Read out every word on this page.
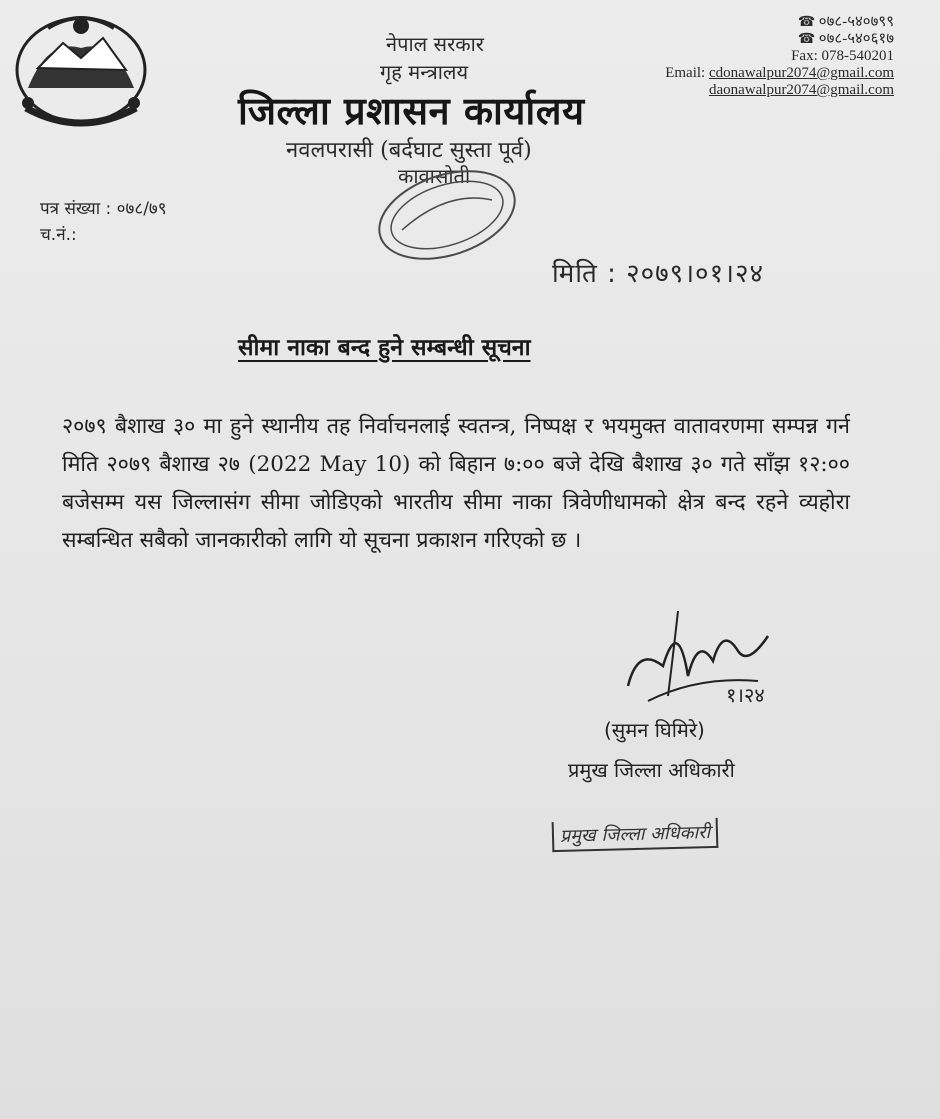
नेपाल सरकार
गृह मन्त्रालय
जिल्ला प्रशासन कार्यालय
नवलपरासी (बर्दघाट सुस्ता पूर्व)
कावासोती
☎ ०७८-५४०७९९
☎ ०७८-५४०६१७
Fax: 078-540201
Email: cdonawalpur2074@gmail.com
daonawalpur2074@gmail.com
पत्र संख्या : ०७८/७९
च.नं.:
मिति : २०७९।०१।२४
सीमा नाका बन्द हुने सम्बन्धी सूचना
२०७९ बैशाख ३० मा हुने स्थानीय तह निर्वाचनलाई स्वतन्त्र, निष्पक्ष र भयमुक्त वातावरणमा सम्पन्न गर्न मिति २०७९ बैशाख २७ (2022 May 10) को बिहान ७:०० बजे देखि बैशाख ३० गते साँझ १२:०० बजेसम्म यस जिल्लासंग सीमा जोडिएको भारतीय सीमा नाका त्रिवेणीधामको क्षेत्र बन्द रहने व्यहोरा सम्बन्धित सबैको जानकारीको लागि यो सूचना प्रकाशन गरिएको छ ।
१।२४
(सुमन घिमिरे)
प्रमुख जिल्ला अधिकारी
प्रमुख जिल्ला अधिकारी
